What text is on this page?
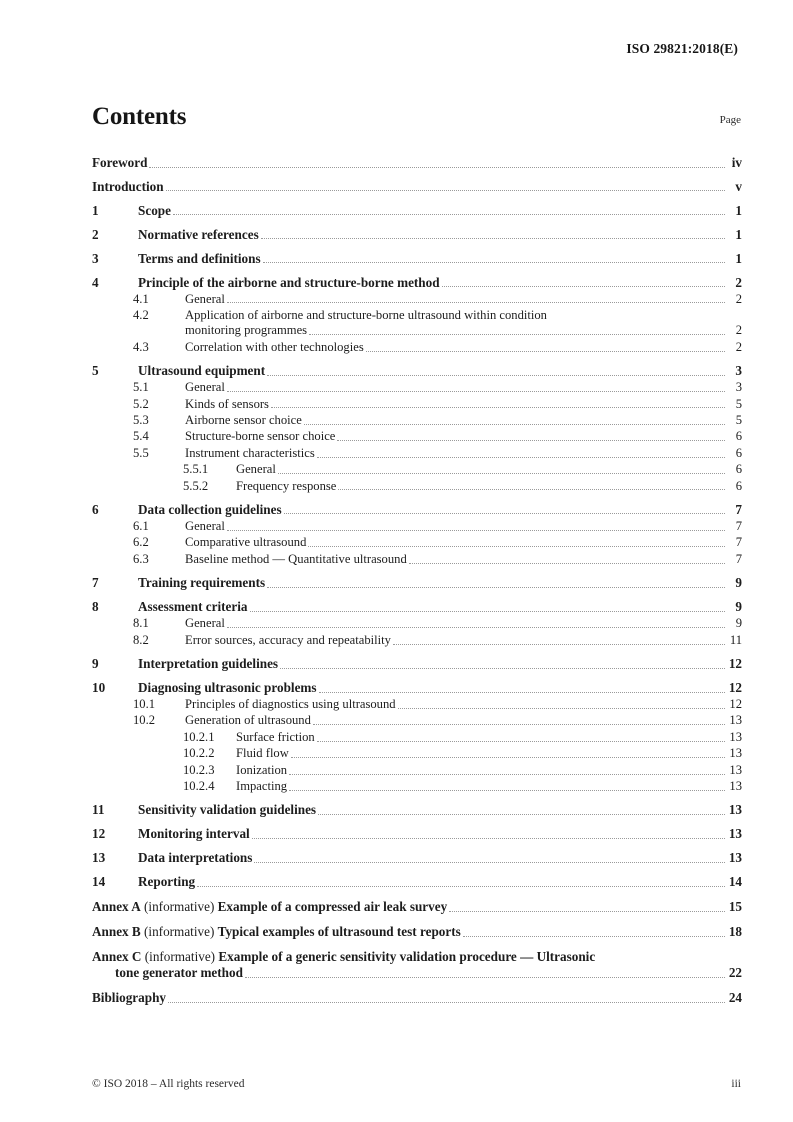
ISO 29821:2018(E)
Contents	Page
Foreword	iv
Introduction	v
1	Scope	1
2	Normative references	1
3	Terms and definitions	1
4	Principle of the airborne and structure-borne method	2
4.1	General	2
4.2	Application of airborne and structure-borne ultrasound within condition
monitoring programmes	2
4.3	Correlation with other technologies	2
5	Ultrasound equipment	3
5.1	General	3
5.2	Kinds of sensors	5
5.3	Airborne sensor choice	5
5.4	Structure-borne sensor choice	6
5.5	Instrument characteristics	6
5.5.1 General	6
5.5.2 Frequency response	6
6	Data collection guidelines	7
6.1	General	7
6.2	Comparative ultrasound	7
6.3	Baseline method — Quantitative ultrasound	7
7	Training requirements	9
8	Assessment criteria	9
8.1	General	9
8.2	Error sources, accuracy and repeatability	11
9	Interpretation guidelines	12
10	Diagnosing ultrasonic problems	12
10.1 Principles of diagnostics using ultrasound	12
10.2 Generation of ultrasound	13
10.2.1 Surface friction	13
10.2.2 Fluid flow	13
10.2.3 Ionization	13
10.2.4 Impacting	13
11	Sensitivity validation guidelines	13
12	Monitoring interval	13
13	Data interpretations	13
14	Reporting	14
Annex A (informative) Example of a compressed air leak survey	15
Annex B (informative) Typical examples of ultrasound test reports	18
Annex C (informative) Example of a generic sensitivity validation procedure — Ultrasonic
tone generator method	22
Bibliography	24
© ISO 2018 – All rights reserved	iii
